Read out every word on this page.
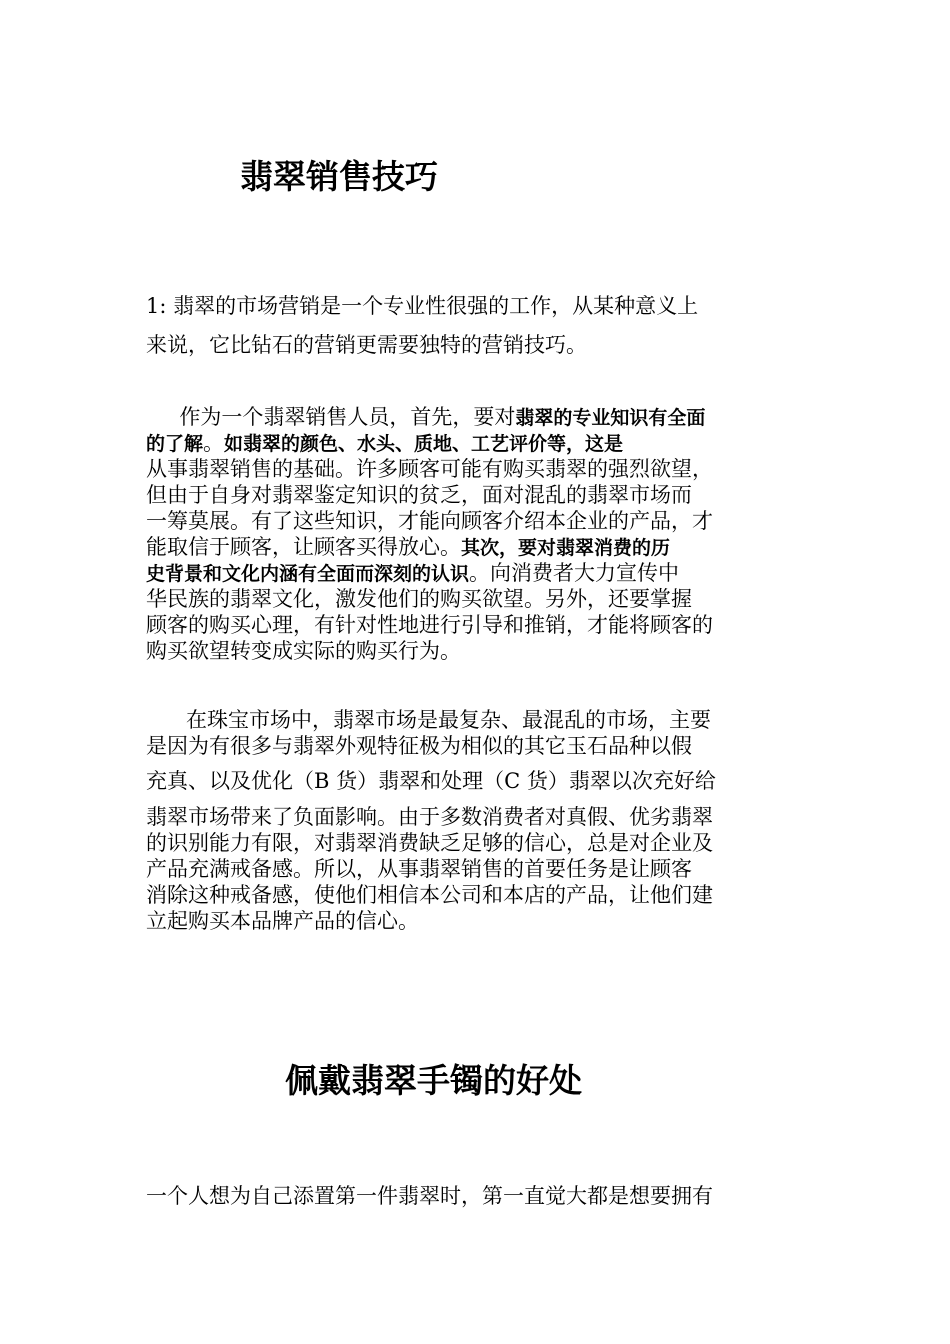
翡翠销售技巧

1: 翡翠的市场营销是一个专业性很强的工作，从某种意义上

来说，它比钻石的营销更需要独特的营销技巧。

作为一个翡翠销售人员，首先，要对翡翠的专业知识有全面

的了解。如翡翠的颜色、水头、质地、工艺评价等，这是

从事翡翠销售的基础。许多顾客可能有购买翡翠的强烈欲望，

但由于自身对翡翠鉴定知识的贫乏，面对混乱的翡翠市场而

一筹莫展。有了这些知识，才能向顾客介绍本企业的产品，才

能取信于顾客，让顾客买得放心。其次，要对翡翠消费的历

史背景和文化内涵有全面而深刻的认识。向消费者大力宣传中

华民族的翡翠文化，激发他们的购买欲望。另外，还要掌握

顾客的购买心理，有针对性地进行引导和推销，才能将顾客的

购买欲望转变成实际的购买行为。

在珠宝市场中，翡翠市场是最复杂、最混乱的市场，主要

是因为有很多与翡翠外观特征极为相似的其它玉石品种以假

充真、以及优化（B 货）翡翠和处理（C 货）翡翠以次充好给

翡翠市场带来了负面影响。由于多数消费者对真假、优劣翡翠

的识别能力有限，对翡翠消费缺乏足够的信心，总是对企业及

产品充满戒备感。所以，从事翡翠销售的首要任务是让顾客

消除这种戒备感，使他们相信本公司和本店的产品，让他们建

立起购买本品牌产品的信心。

佩戴翡翠手镯的好处

一个人想为自己添置第一件翡翠时，第一直觉大都是想要拥有
